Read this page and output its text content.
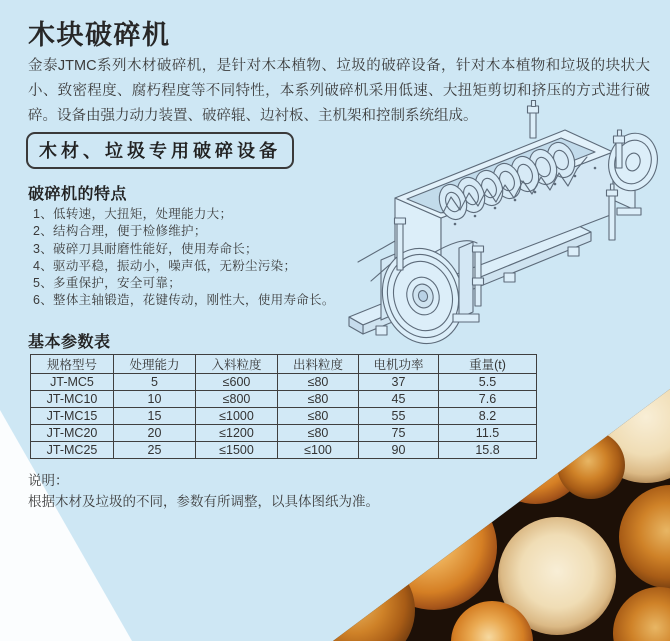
木块破碎机

金泰JTMC系列木材破碎机，是针对木本植物、垃圾的破碎设备，针对木本植物和垃圾的块状大小、致密程度、腐朽程度等不同特性，本系列破碎机采用低速、大扭矩剪切和挤压的方式进行破碎。设备由强力动力装置、破碎辊、边衬板、主机架和控制系统组成。

木材、垃圾专用破碎设备
破碎机的特点
1、低转速，大扭矩，处理能力大；
2、结构合理，便于检修维护；
3、破碎刀具耐磨性能好，使用寿命长；
4、驱动平稳，振动小，噪声低，无粉尘污染；
5、多重保护，安全可靠；
6、整体主轴锻造，花键传动，刚性大，使用寿命长。
基本参数表
规格型号	处理能力	入料粒度	出料粒度	电机功率	重量(t)
JT-MC5	5	≤600	≤80	37	5.5
JT-MC10	10	≤800	≤80	45	7.6
JT-MC15	15	≤1000	≤80	55	8.2
JT-MC20	20	≤1200	≤80	75	11.5
JT-MC25	25	≤1500	≤100	90	15.8
说明：
根据木材及垃圾的不同，参数有所调整，以具体图纸为准。
